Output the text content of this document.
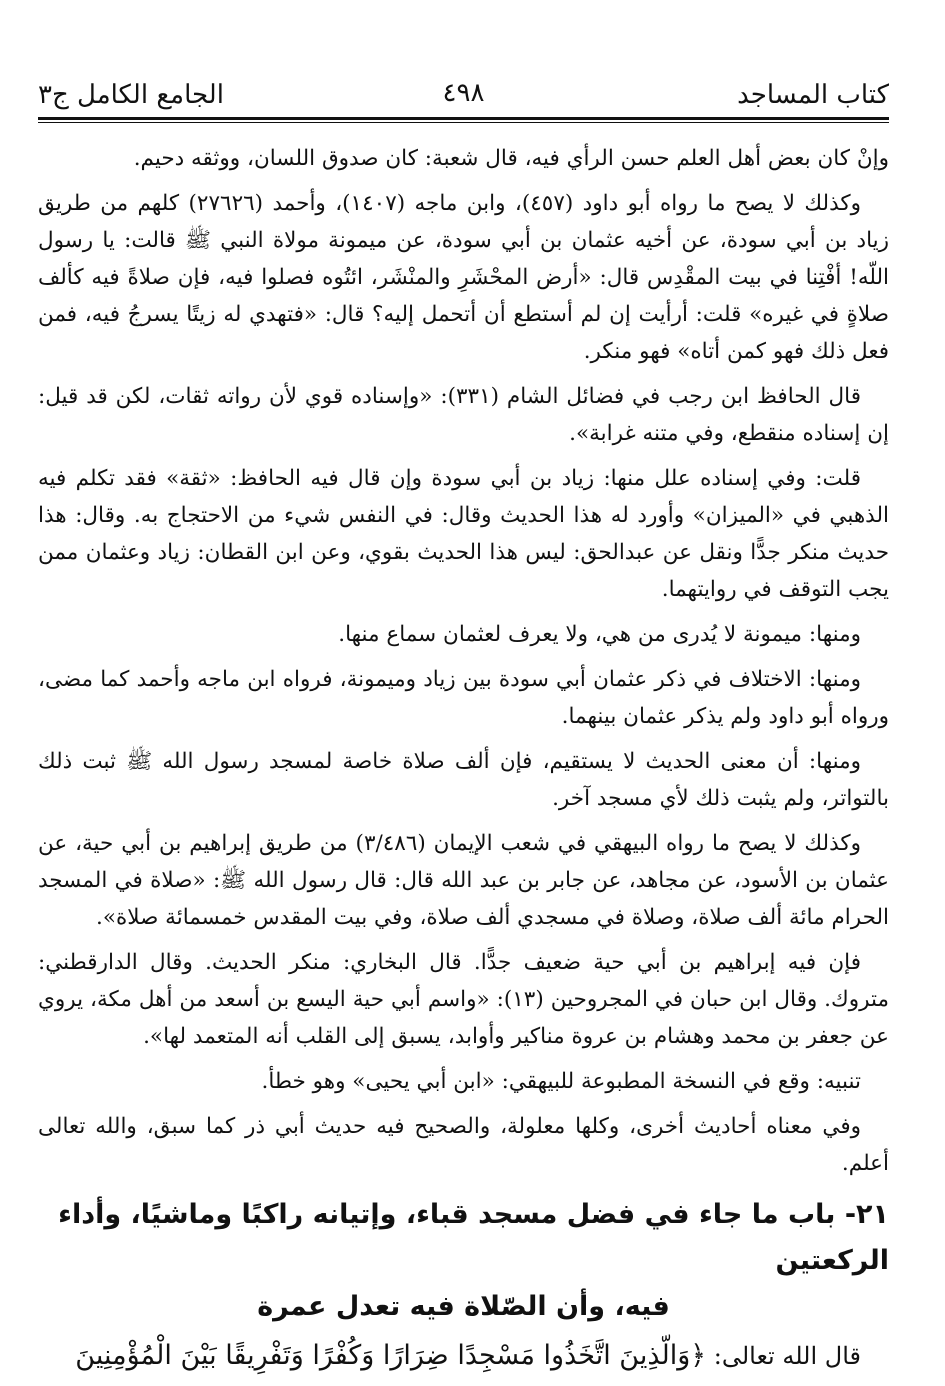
كتاب المساجد
٤٩٨
الجامع الكامل ج٣

وإنْ كان بعض أهل العلم حسن الرأي فيه، قال شعبة: كان صدوق اللسان، ووثقه دحيم.

وكذلك لا يصح ما رواه أبو داود (٤٥٧)، وابن ماجه (١٤٠٧)، وأحمد (٢٧٦٢٦) كلهم من طريق زياد بن أبي سودة، عن أخيه عثمان بن أبي سودة، عن ميمونة مولاة النبي ﷺ قالت: يا رسول اللّه! أفْتِنا في بيت المقْدِس قال: «أرض المحْشَرِ والمنْشَر، ائتُوه فصلوا فيه، فإن صلاةً فيه كألف صلاةٍ في غيره» قلت: أرأيت إن لم أستطع أن أتحمل إليه؟ قال: «فتهدي له زيتًا يسرجُ فيه، فمن فعل ذلك فهو كمن أتاه» فهو منكر.

قال الحافظ ابن رجب في فضائل الشام (٣٣١): «وإسناده قوي لأن رواته ثقات، لكن قد قيل: إن إسناده منقطع، وفي متنه غرابة».

قلت: وفي إسناده علل منها: زياد بن أبي سودة وإن قال فيه الحافظ: «ثقة» فقد تكلم فيه الذهبي في «الميزان» وأورد له هذا الحديث وقال: في النفس شيء من الاحتجاج به. وقال: هذا حديث منكر جدًّا ونقل عن عبدالحق: ليس هذا الحديث بقوي، وعن ابن القطان: زياد وعثمان ممن يجب التوقف في روايتهما.

ومنها: ميمونة لا يُدرى من هي، ولا يعرف لعثمان سماع منها.

ومنها: الاختلاف في ذكر عثمان أبي سودة بين زياد وميمونة، فرواه ابن ماجه وأحمد كما مضى، ورواه أبو داود ولم يذكر عثمان بينهما.

ومنها: أن معنى الحديث لا يستقيم، فإن ألف صلاة خاصة لمسجد رسول الله ﷺ ثبت ذلك بالتواتر، ولم يثبت ذلك لأي مسجد آخر.

وكذلك لا يصح ما رواه البيهقي في شعب الإيمان (٣/٤٨٦) من طريق إبراهيم بن أبي حية، عن عثمان بن الأسود، عن مجاهد، عن جابر بن عبد الله قال: قال رسول الله ﷺ: «صلاة في المسجد الحرام مائة ألف صلاة، وصلاة في مسجدي ألف صلاة، وفي بيت المقدس خمسمائة صلاة».

فإن فيه إبراهيم بن أبي حية ضعيف جدًّا. قال البخاري: منكر الحديث. وقال الدارقطني: متروك. وقال ابن حبان في المجروحين (١٣): «واسم أبي حية اليسع بن أسعد من أهل مكة، يروي عن جعفر بن محمد وهشام بن عروة مناكير وأوابد، يسبق إلى القلب أنه المتعمد لها».

تنبيه: وقع في النسخة المطبوعة للبيهقي: «ابن أبي يحيى» وهو خطأ.

وفي معناه أحاديث أخرى، وكلها معلولة، والصحيح فيه حديث أبي ذر كما سبق، والله تعالى أعلم.

٢١- باب ما جاء في فضل مسجد قباء، وإتيانه راكبًا وماشيًا، وأداء الركعتين
فيه، وأن الصّلاة فيه تعدل عمرة

قال الله تعالى: ﴿وَالَّذِينَ اتَّخَذُوا مَسْجِدًا ضِرَارًا وَكُفْرًا وَتَفْرِيقًا بَيْنَ الْمُؤْمِنِينَ
